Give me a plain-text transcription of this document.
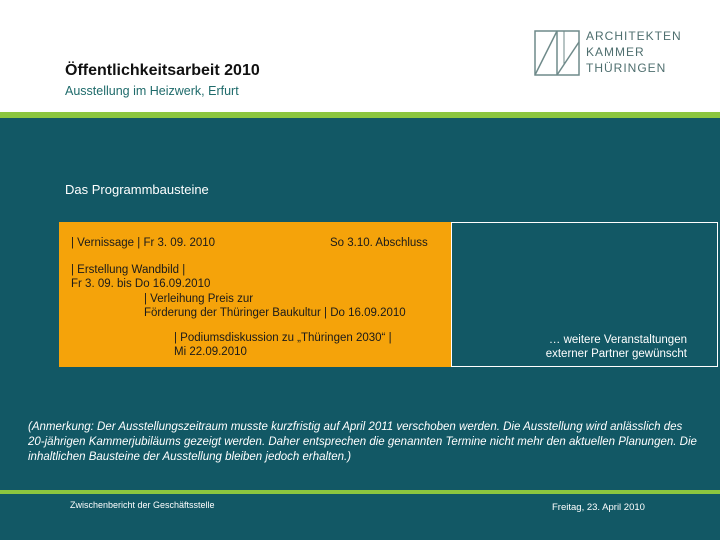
Öffentlichkeitsarbeit 2010
Ausstellung im Heizwerk, Erfurt
ARCHITEKTEN
KAMMER
THÜRINGEN
Das Programmbausteine
| Vernissage | Fr 3. 09. 2010	So 3.10. Abschluss
| Erstellung Wandbild |
Fr 3. 09. bis Do 16.09.2010
| Verleihung Preis zur
Förderung der Thüringer Baukultur | Do 16.09.2010
| Podiumsdiskussion zu „Thüringen 2030“ |
Mi 22.09.2010
… weitere Veranstaltungen
externer Partner gewünscht
(Anmerkung: Der Ausstellungszeitraum musste kurzfristig auf April 2011 verschoben werden. Die Ausstellung wird anlässlich des 20-jährigen Kammerjubiläums gezeigt werden. Daher entsprechen die genannten Termine nicht mehr den aktuellen Planungen. Die inhaltlichen Bausteine der Ausstellung bleiben jedoch erhalten.)
Zwischenbericht der Geschäftsstelle	Freitag, 23. April 2010
